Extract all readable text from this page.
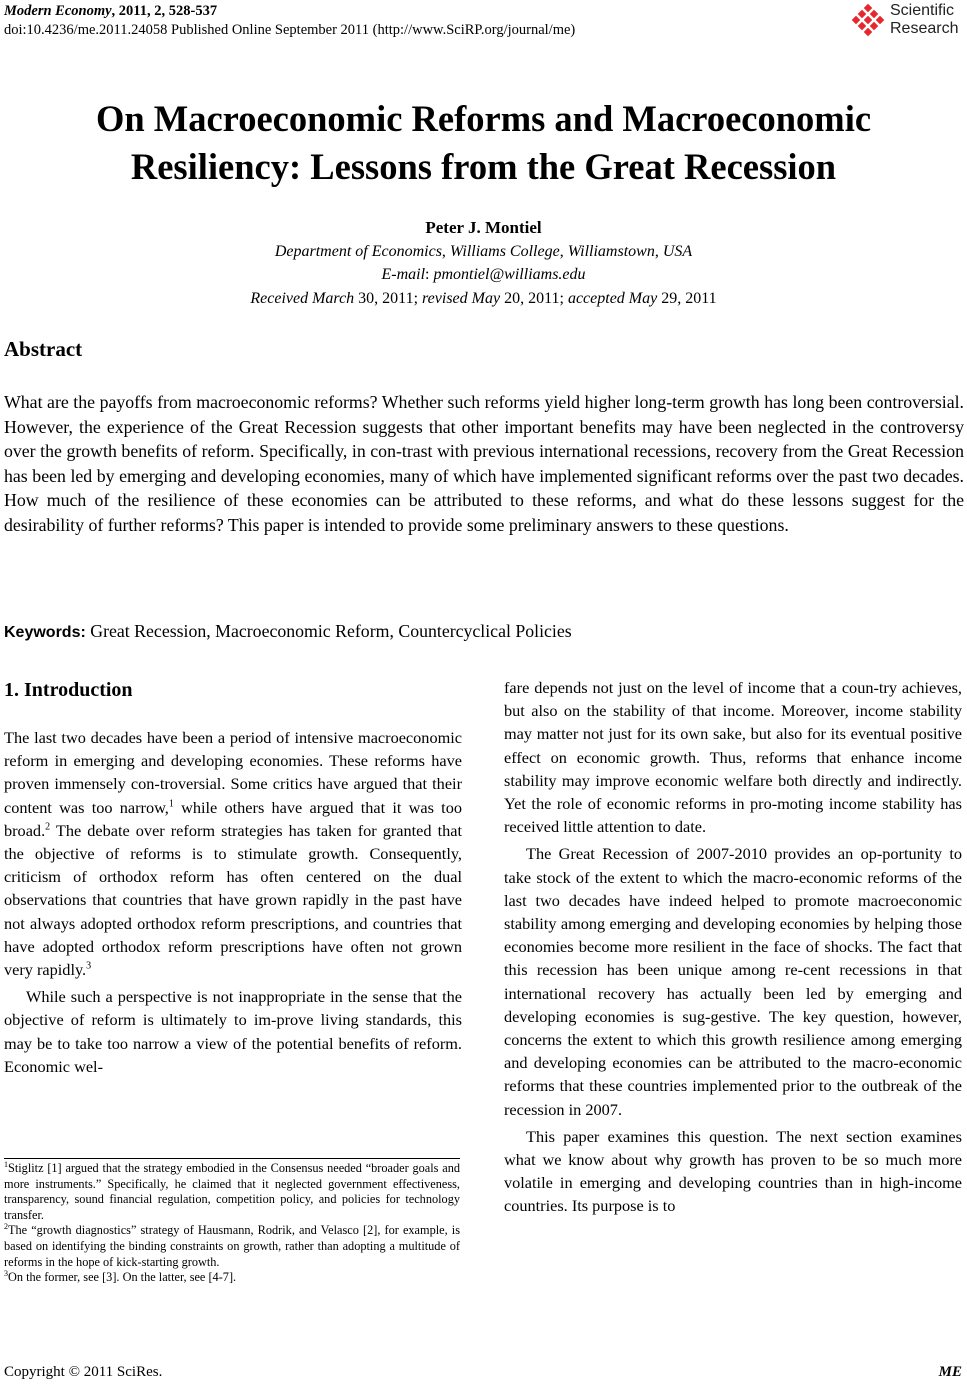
Modern Economy, 2011, 2, 528-537
doi:10.4236/me.2011.24058 Published Online September 2011 (http://www.SciRP.org/journal/me)
Scientific
Research
On Macroeconomic Reforms and Macroeconomic
Resiliency: Lessons from the Great Recession
Peter J. Montiel
Department of Economics, Williams College, Williamstown, USA
E-mail: pmontiel@williams.edu
Received March 30, 2011; revised May 20, 2011; accepted May 29, 2011
Abstract

What are the payoffs from macroeconomic reforms? Whether such reforms yield higher long-term growth has long been controversial. However, the experience of the Great Recession suggests that other important benefits may have been neglected in the controversy over the growth benefits of reform. Specifically, in con-trast with previous international recessions, recovery from the Great Recession has been led by emerging and developing economies, many of which have implemented significant reforms over the past two decades. How much of the resilience of these economies can be attributed to these reforms, and what do these lessons suggest for the desirability of further reforms? This paper is intended to provide some preliminary answers to these questions.

Keywords: Great Recession, Macroeconomic Reform, Countercyclical Policies
1. Introduction

The last two decades have been a period of intensive macroeconomic reform in emerging and developing economies. These reforms have proven immensely con-troversial. Some critics have argued that their content was too narrow,$^1$ while others have argued that it was too broad.$^2$ The debate over reform strategies has taken for granted that the objective of reforms is to stimulate growth. Consequently, criticism of orthodox reform has often centered on the dual observations that countries that have grown rapidly in the past have not always adopted orthodox reform prescriptions, and countries that have adopted orthodox reform prescriptions have often not grown very rapidly.$^3$

While such a perspective is not inappropriate in the sense that the objective of reform is ultimately to im-prove living standards, this may be to take too narrow a view of the potential benefits of reform. Economic wel-

fare depends not just on the level of income that a coun-try achieves, but also on the stability of that income. Moreover, income stability may matter not just for its own sake, but also for its eventual positive effect on economic growth. Thus, reforms that enhance income stability may improve economic welfare both directly and indirectly. Yet the role of economic reforms in pro-moting income stability has received little attention to date.

The Great Recession of 2007-2010 provides an op-portunity to take stock of the extent to which the macro-economic reforms of the last two decades have indeed helped to promote macroeconomic stability among emerging and developing economies by helping those economies become more resilient in the face of shocks. The fact that this recession has been unique among re-cent recessions in that international recovery has actually been led by emerging and developing economies is sug-gestive. The key question, however, concerns the extent to which this growth resilience among emerging and developing economies can be attributed to the macro-economic reforms that these countries implemented prior to the outbreak of the recession in 2007.

This paper examines this question. The next section examines what we know about why growth has proven to be so much more volatile in emerging and developing countries than in high-income countries. Its purpose is to

$^1$Stiglitz [1] argued that the strategy embodied in the Consensus needed “broader goals and more instruments.” Specifically, he claimed that it neglected government effectiveness, transparency, sound financial regulation, competition policy, and policies for technology transfer.

$^2$The “growth diagnostics” strategy of Hausmann, Rodrik, and Velasco [2], for example, is based on identifying the binding constraints on growth, rather than adopting a multitude of reforms in the hope of kick-starting growth.

$^3$On the former, see [3]. On the latter, see [4-7].

Copyright © 2011 SciRes.	ME
